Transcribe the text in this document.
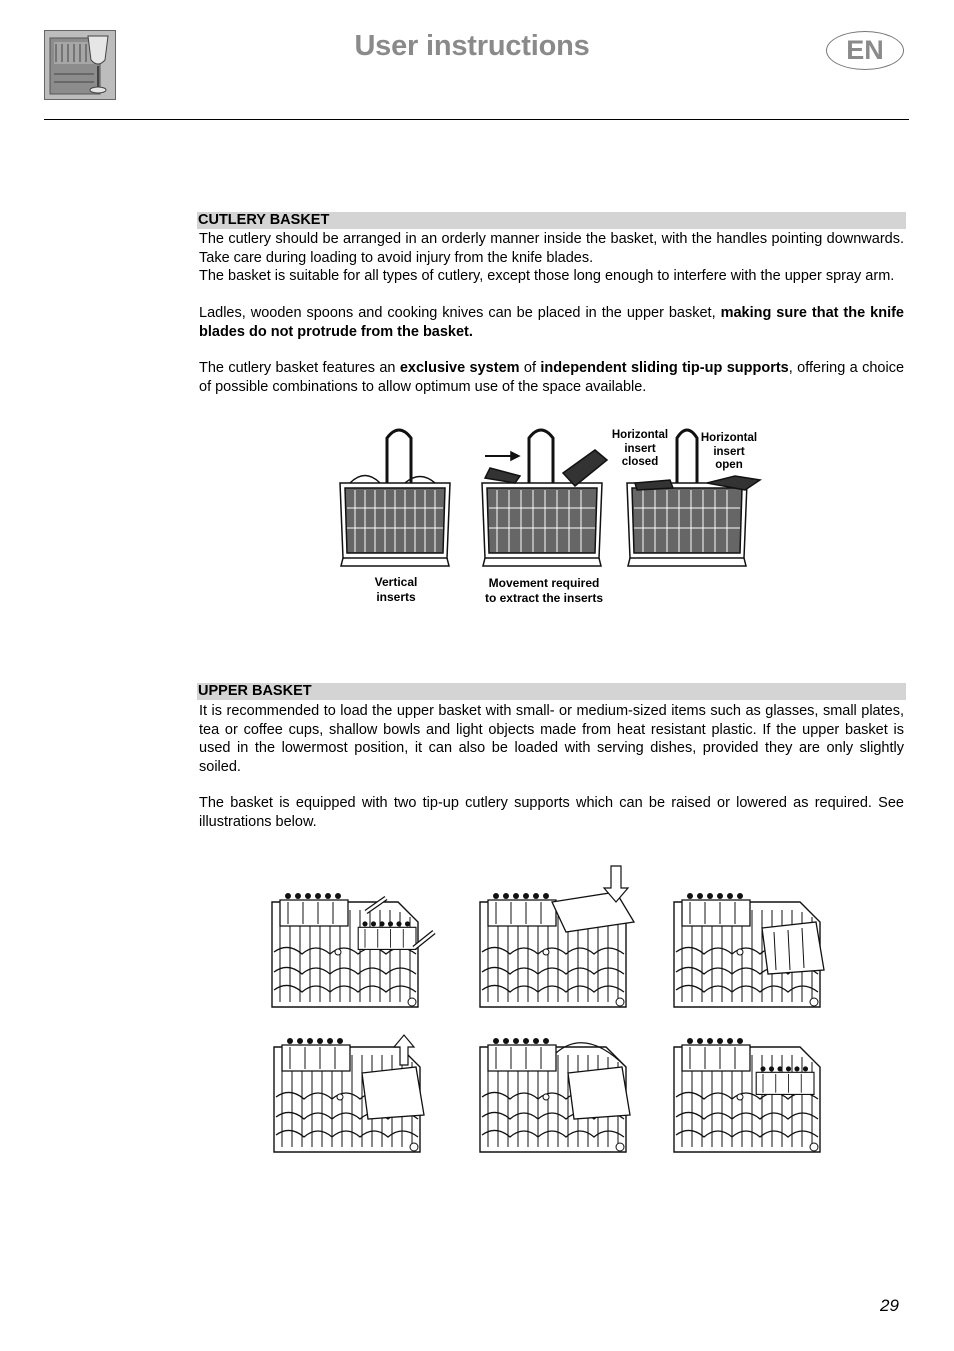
User instructions	EN
CUTLERY BASKET

The cutlery should be arranged in an orderly manner inside the basket, with the handles pointing downwards. Take care during loading to avoid injury from the knife blades.

The basket is suitable for all types of cutlery, except those long enough to interfere with the upper spray arm.

Ladles, wooden spoons and cooking knives can be placed in the upper basket, making sure that the knife blades do not protrude from the basket.

The cutlery basket features an exclusive system of independent sliding tip-up supports, offering a choice of possible combinations to allow optimum use of the space available.

Horizontal
insert
closed
Horizontal
insert
open
Vertical
inserts
Movement required
to extract the inserts
UPPER BASKET

It is recommended to load the upper basket with small- or medium-sized items such as glasses, small plates, tea or coffee cups, shallow bowls and light objects made from heat resistant plastic. If the upper basket is used in the lowermost position, it can also be loaded with serving dishes, provided they are only slightly soiled.

The basket is equipped with two tip-up cutlery supports which can be raised or lowered as required. See illustrations below.

29
